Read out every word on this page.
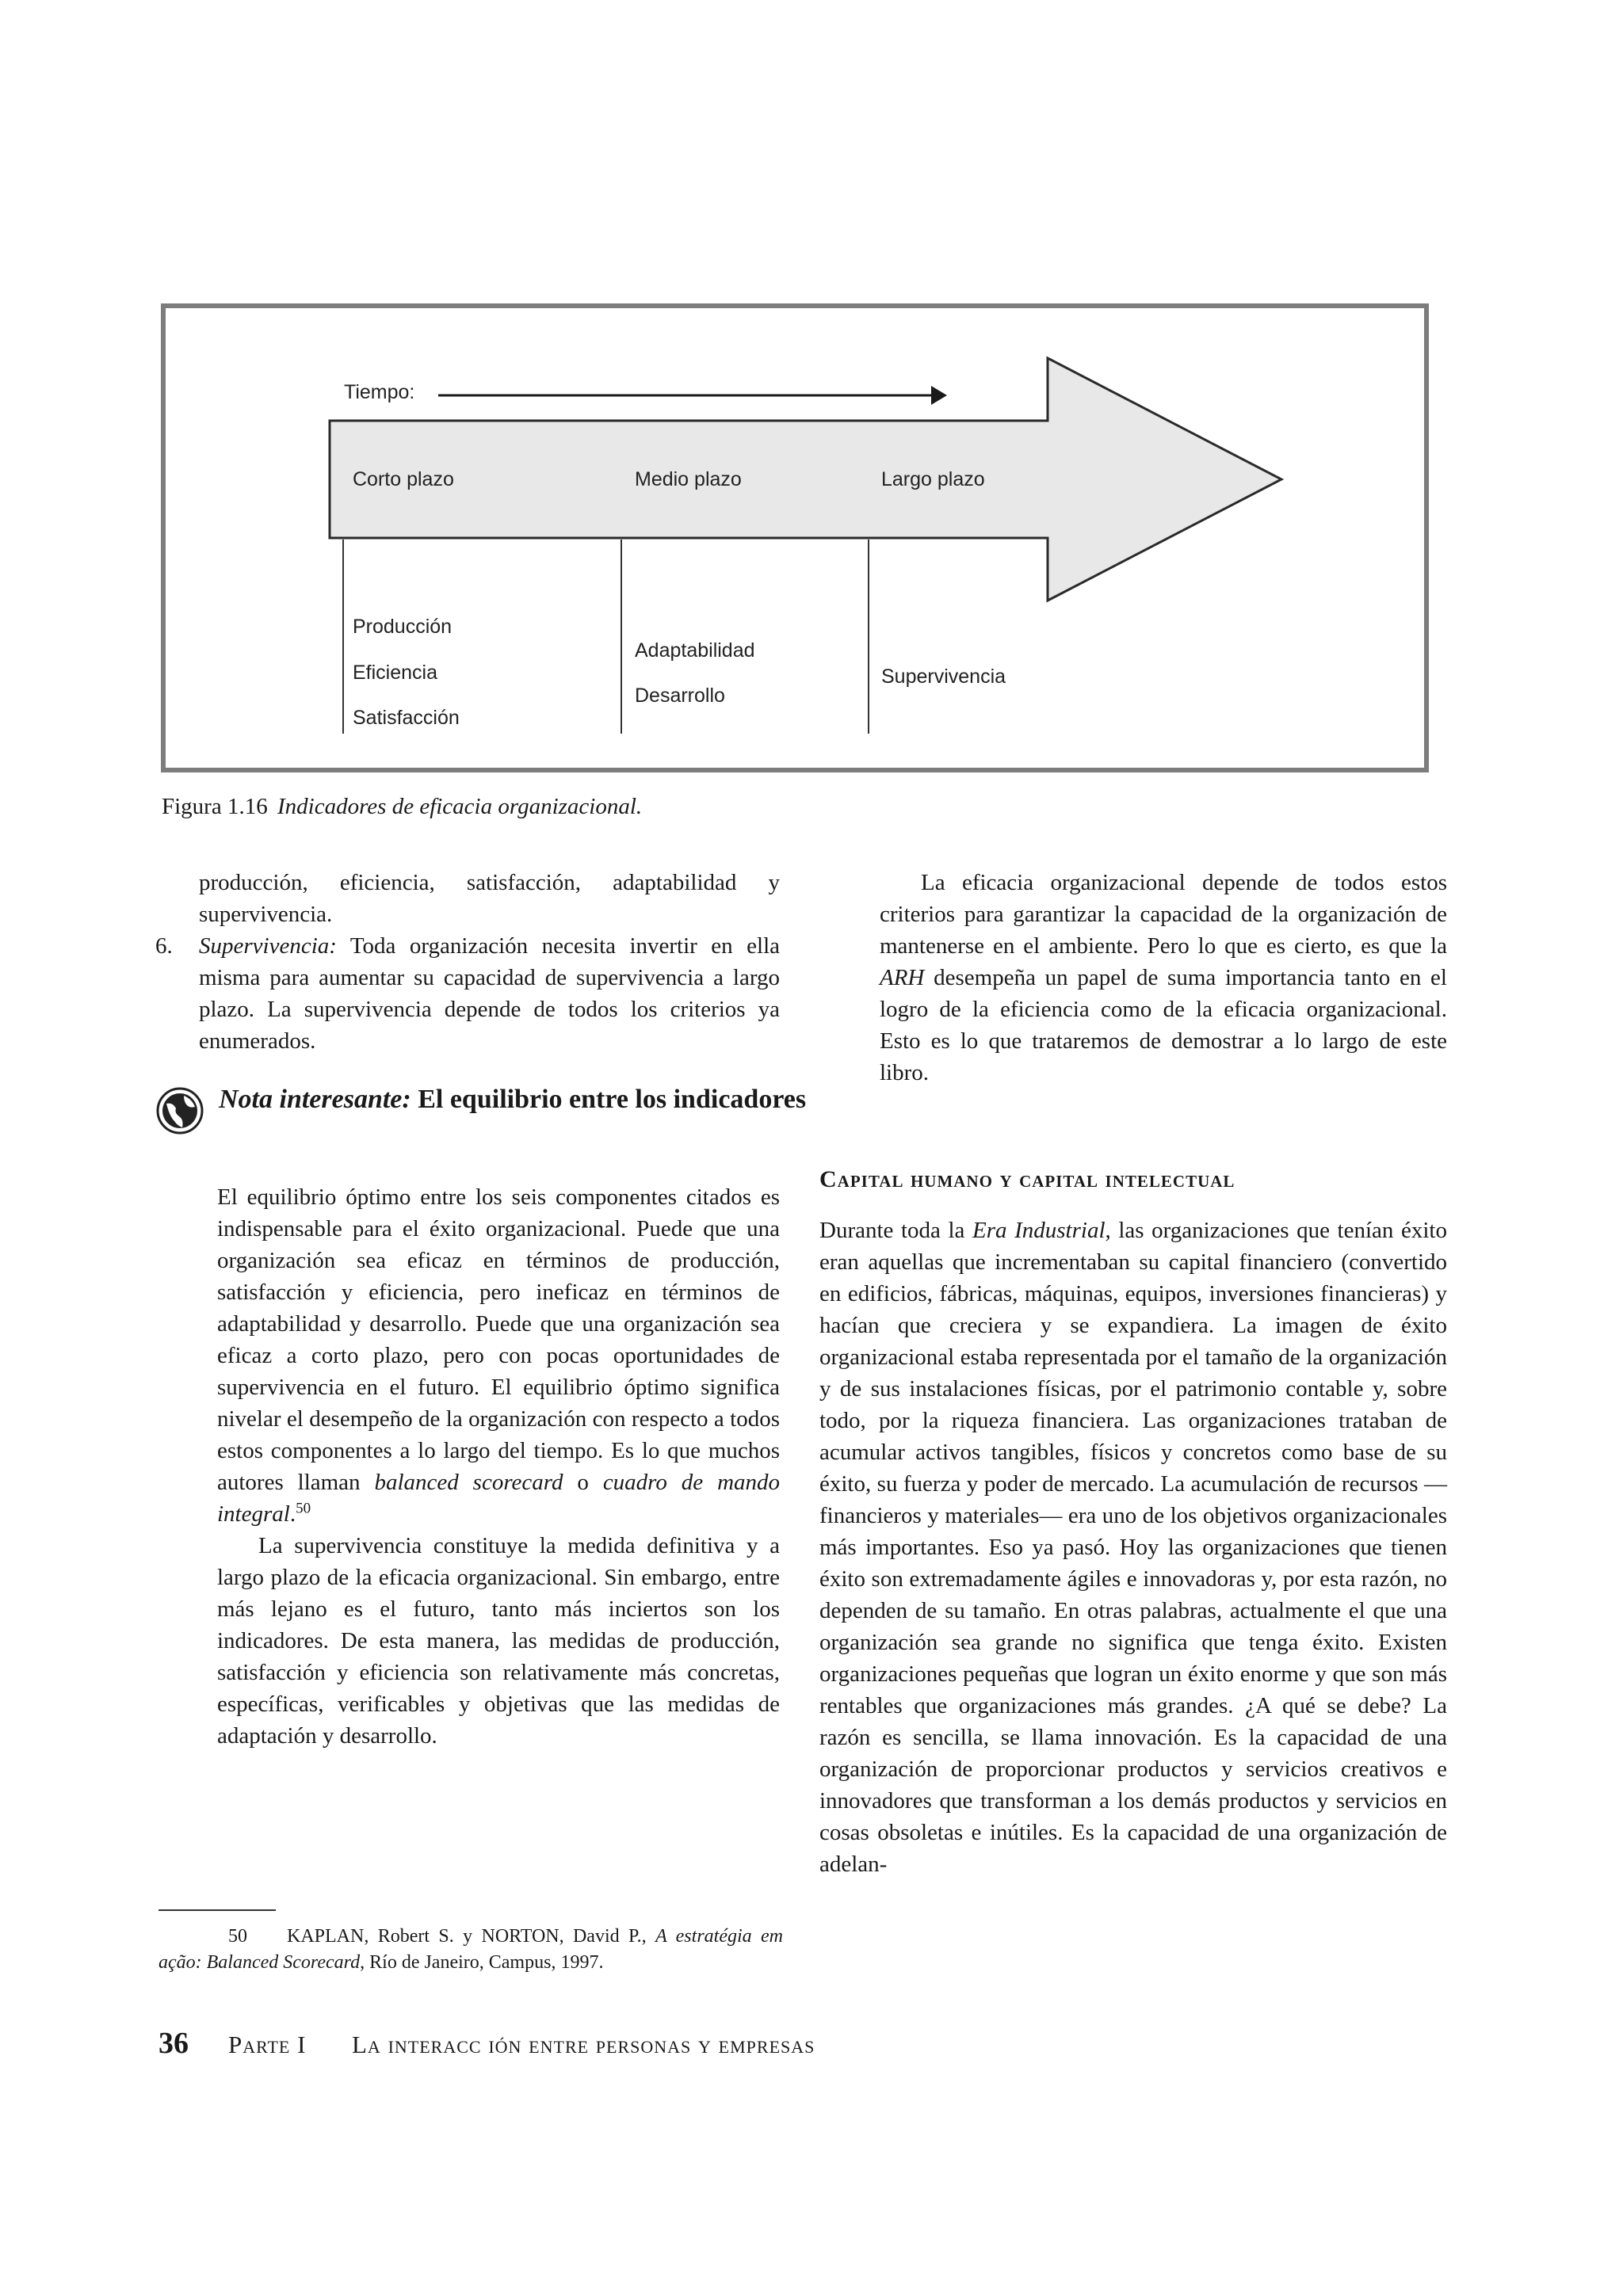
Tiempo:
Corto plazo	Medio plazo	Largo plazo
Producción
Eficiencia
Satisfacción
Adaptabilidad
Desarrollo
Supervivencia
Figura 1.16 Indicadores de eficacia organizacional.

producción, eficiencia, satisfacción, adaptabilidad y supervivencia.

6. Supervivencia: Toda organización necesita invertir en ella misma para aumentar su capacidad de supervivencia a largo plazo. La supervivencia depende de todos los criterios ya enumerados.

Nota interesante: El equilibrio entre los indicadores

El equilibrio óptimo entre los seis componentes citados es indispensable para el éxito organizacional. Puede que una organización sea eficaz en términos de producción, satisfacción y eficiencia, pero ineficaz en términos de adaptabilidad y desarrollo. Puede que una organización sea eficaz a corto plazo, pero con pocas oportunidades de supervivencia en el futuro. El equilibrio óptimo significa nivelar el desempeño de la organización con respecto a todos estos componentes a lo largo del tiempo. Es lo que muchos autores llaman balanced scorecard o cuadro de mando integral.$^{50}$

La supervivencia constituye la medida definitiva y a largo plazo de la eficacia organizacional. Sin embargo, entre más lejano es el futuro, tanto más inciertos son los indicadores. De esta manera, las medidas de producción, satisfacción y eficiencia son relativamente más concretas, específicas, verificables y objetivas que las medidas de adaptación y desarrollo.

50 KAPLAN, Robert S. y NORTON, David P., A estratégia em ação: Balanced Scorecard, Río de Janeiro, Campus, 1997.

La eficacia organizacional depende de todos estos criterios para garantizar la capacidad de la organización de mantenerse en el ambiente. Pero lo que es cierto, es que la ARH desempeña un papel de suma importancia tanto en el logro de la eficiencia como de la eficacia organizacional. Esto es lo que trataremos de demostrar a lo largo de este libro.

Capital humano y capital intelectual

Durante toda la Era Industrial, las organizaciones que tenían éxito eran aquellas que incrementaban su capital financiero (convertido en edificios, fábricas, máquinas, equipos, inversiones financieras) y hacían que creciera y se expandiera. La imagen de éxito organizacional estaba representada por el tamaño de la organización y de sus instalaciones físicas, por el patrimonio contable y, sobre todo, por la riqueza financiera. Las organizaciones trataban de acumular activos tangibles, físicos y concretos como base de su éxito, su fuerza y poder de mercado. La acumulación de recursos —financieros y materiales— era uno de los objetivos organizacionales más importantes. Eso ya pasó. Hoy las organizaciones que tienen éxito son extremadamente ágiles e innovadoras y, por esta razón, no dependen de su tamaño. En otras palabras, actualmente el que una organización sea grande no significa que tenga éxito. Existen organizaciones pequeñas que logran un éxito enorme y que son más rentables que organizaciones más grandes. ¿A qué se debe? La razón es sencilla, se llama innovación. Es la capacidad de una organización de proporcionar productos y servicios creativos e innovadores que transforman a los demás productos y servicios en cosas obsoletas e inútiles. Es la capacidad de una organización de adelan-

36 Parte I La interacc ión entre personas y empresas
